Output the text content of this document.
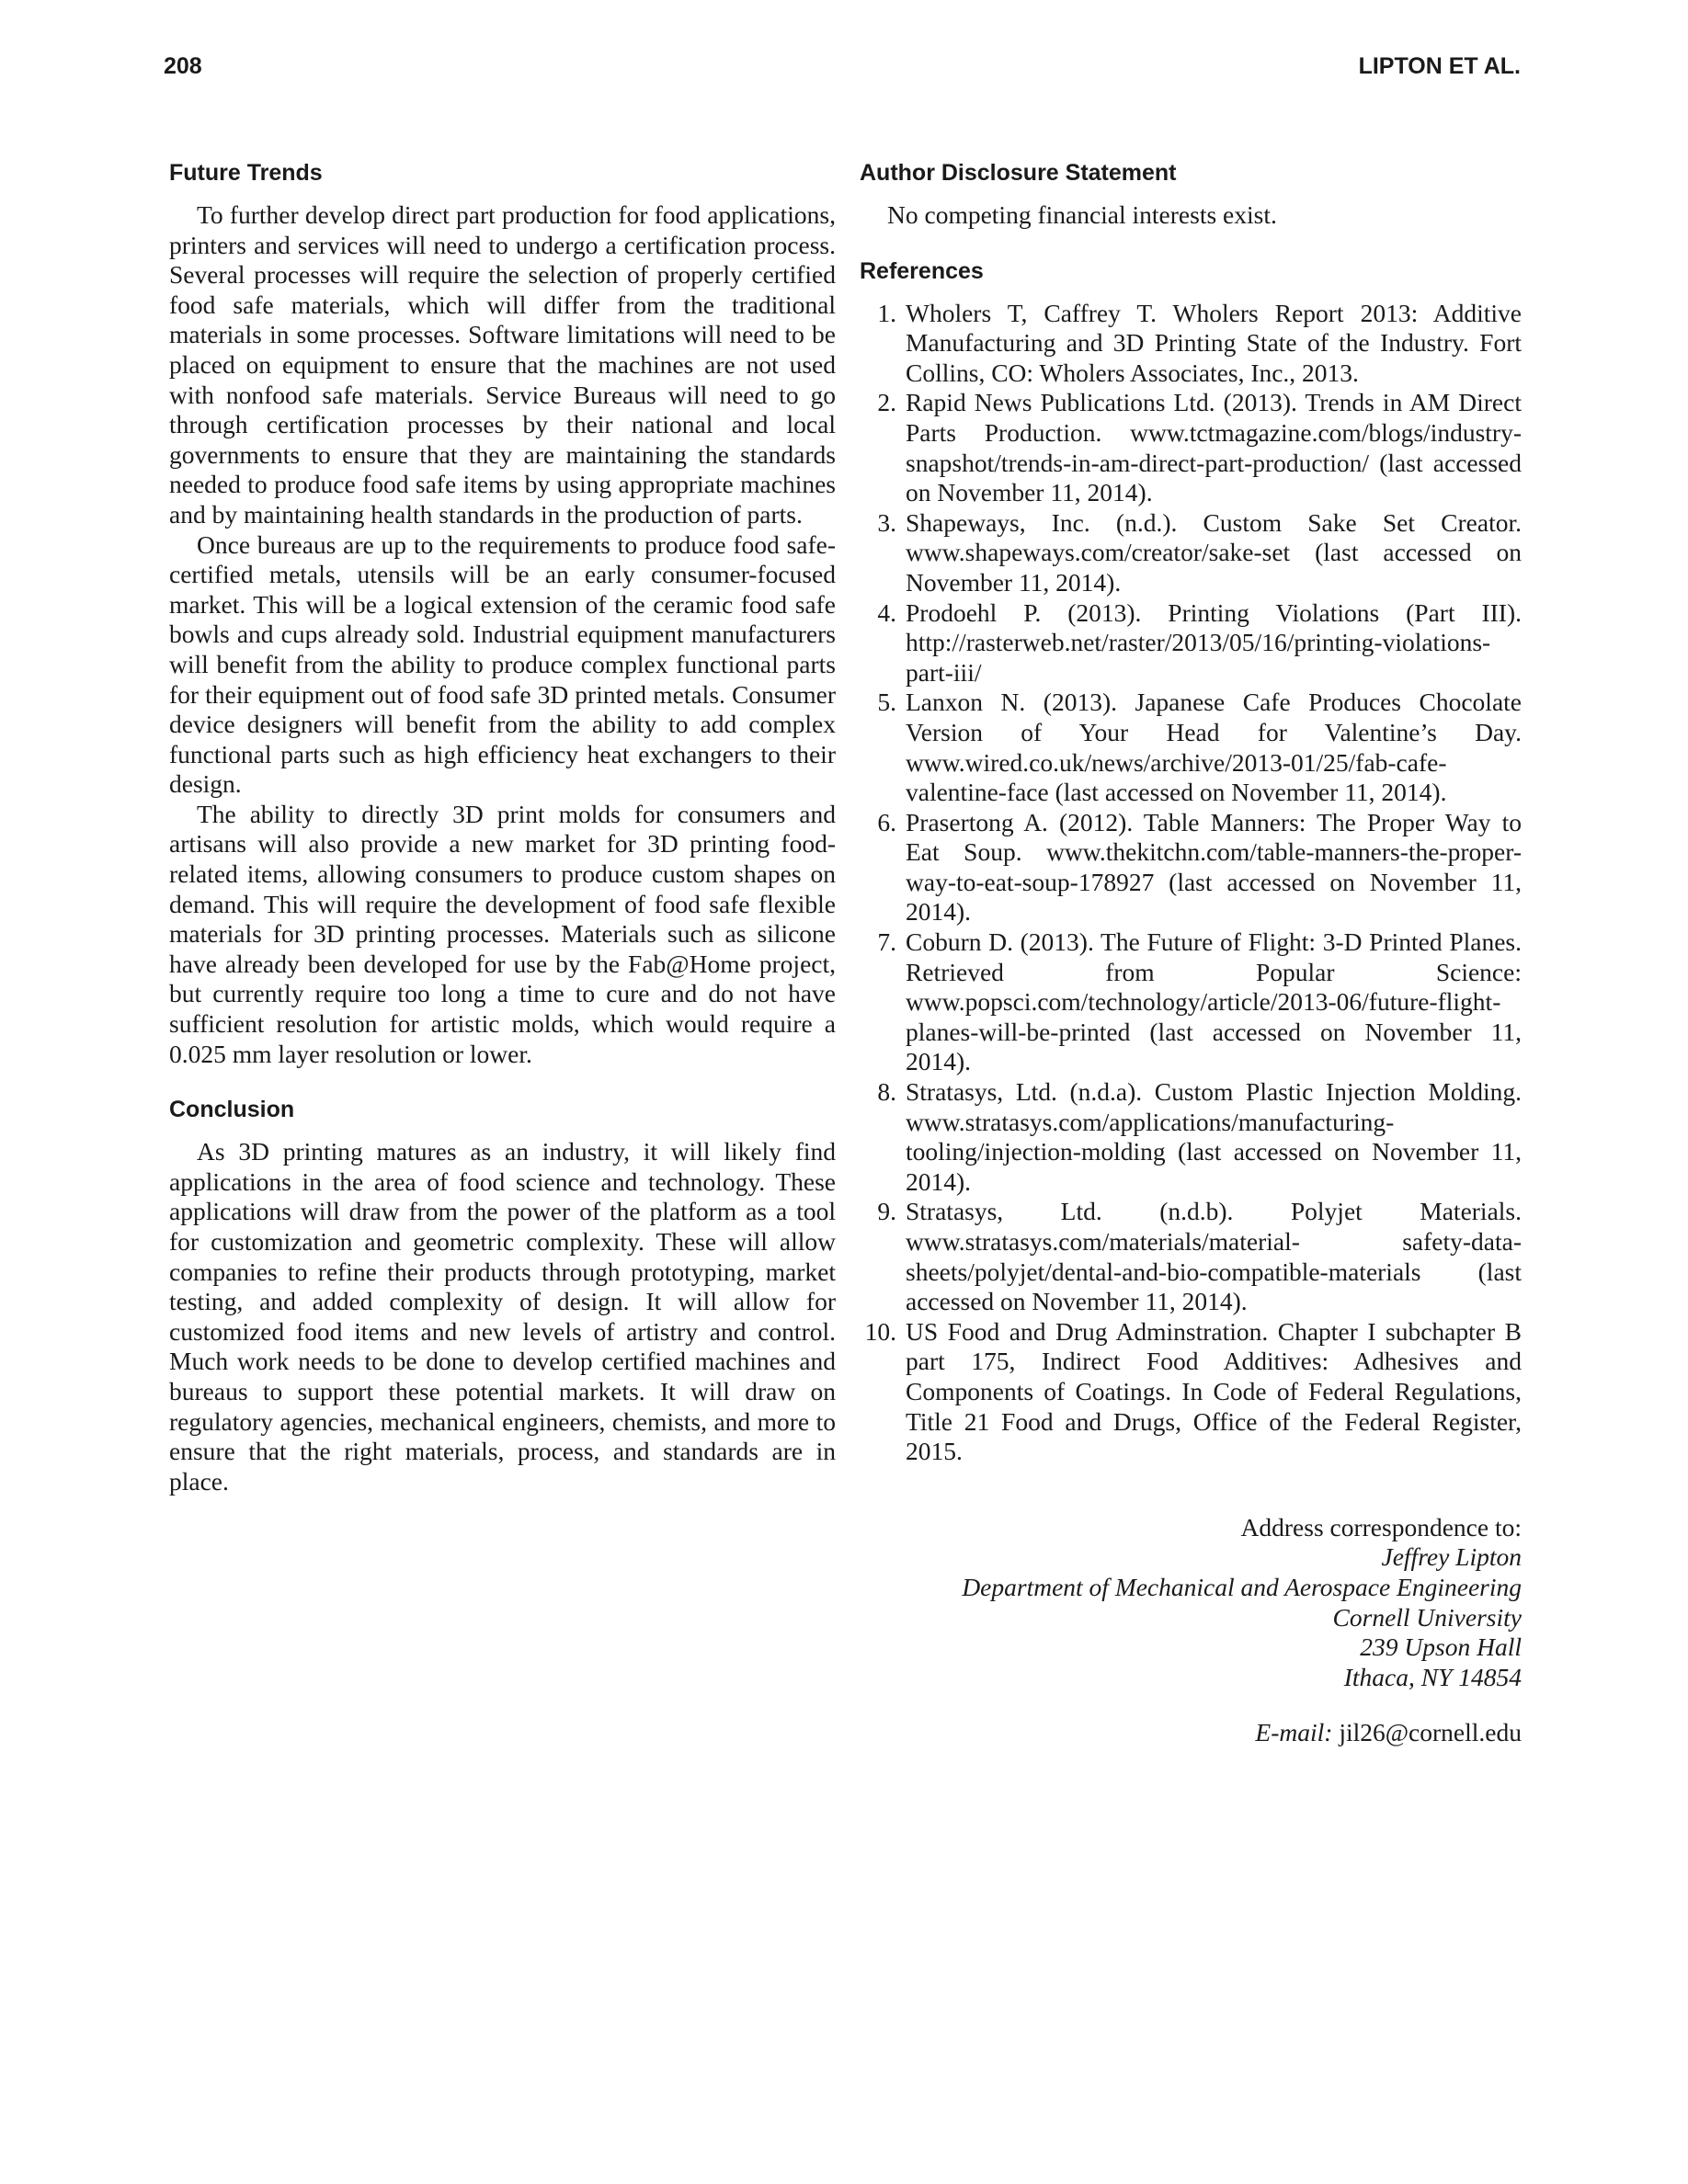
208	LIPTON ET AL.
Future Trends

To further develop direct part production for food applications, printers and services will need to undergo a certification process. Several processes will require the selection of properly certified food safe materials, which will differ from the traditional materials in some processes. Software limitations will need to be placed on equipment to ensure that the machines are not used with nonfood safe materials. Service Bureaus will need to go through certification processes by their national and local governments to ensure that they are maintaining the standards needed to produce food safe items by using appropriate machines and by maintaining health standards in the production of parts.

Once bureaus are up to the requirements to produce food safe-certified metals, utensils will be an early consumer-focused market. This will be a logical extension of the ceramic food safe bowls and cups already sold. Industrial equipment manufacturers will benefit from the ability to produce complex functional parts for their equipment out of food safe 3D printed metals. Consumer device designers will benefit from the ability to add complex functional parts such as high efficiency heat exchangers to their design.

The ability to directly 3D print molds for consumers and artisans will also provide a new market for 3D printing food-related items, allowing consumers to produce custom shapes on demand. This will require the development of food safe flexible materials for 3D printing processes. Materials such as silicone have already been developed for use by the Fab@Home project, but currently require too long a time to cure and do not have sufficient resolution for artistic molds, which would require a 0.025 mm layer resolution or lower.

Conclusion

As 3D printing matures as an industry, it will likely find applications in the area of food science and technology. These applications will draw from the power of the platform as a tool for customization and geometric complexity. These will allow companies to refine their products through prototyping, market testing, and added complexity of design. It will allow for customized food items and new levels of artistry and control. Much work needs to be done to develop certified machines and bureaus to support these potential markets. It will draw on regulatory agencies, mechanical engineers, chemists, and more to ensure that the right materials, process, and standards are in place.

Author Disclosure Statement
No competing financial interests exist.
References
1. Wholers T, Caffrey T. Wholers Report 2013: Additive Manufacturing and 3D Printing State of the Industry. Fort Collins, CO: Wholers Associates, Inc., 2013.
2. Rapid News Publications Ltd. (2013). Trends in AM Direct Parts Production. www.tctmagazine.com/blogs/industry-snapshot/trends-in-am-direct-part-production/ (last accessed on November 11, 2014).
3. Shapeways, Inc. (n.d.). Custom Sake Set Creator. www.shapeways.com/creator/sake-set (last accessed on November 11, 2014).
4. Prodoehl P. (2013). Printing Violations (Part III). http://rasterweb.net/raster/2013/05/16/printing-violations-part-iii/
5. Lanxon N. (2013). Japanese Cafe Produces Chocolate Version of Your Head for Valentine’s Day. www.wired.co.uk/news/archive/2013-01/25/fab-cafe-valentine-face (last accessed on November 11, 2014).
6. Prasertong A. (2012). Table Manners: The Proper Way to Eat Soup. www.thekitchn.com/table-manners-the-proper-way-to-eat-soup-178927 (last accessed on November 11, 2014).
7. Coburn D. (2013). The Future of Flight: 3-D Printed Planes. Retrieved from Popular Science: www.popsci.com/technology/article/2013-06/future-flight-planes-will-be-printed (last accessed on November 11, 2014).
8. Stratasys, Ltd. (n.d.a). Custom Plastic Injection Molding. www.stratasys.com/applications/manufacturing-tooling/injection-molding (last accessed on November 11, 2014).
9. Stratasys, Ltd. (n.d.b). Polyjet Materials. www.stratasys.com/materials/material- safety-data-sheets/polyjet/dental-and-bio-compatible-materials (last accessed on November 11, 2014).
10. US Food and Drug Adminstration. Chapter I subchapter B part 175, Indirect Food Additives: Adhesives and Components of Coatings. In Code of Federal Regulations, Title 21 Food and Drugs, Office of the Federal Register, 2015.
Address correspondence to:
Jeffrey Lipton
Department of Mechanical and Aerospace Engineering
Cornell University
239 Upson Hall
Ithaca, NY 14854
E-mail: jil26@cornell.edu
